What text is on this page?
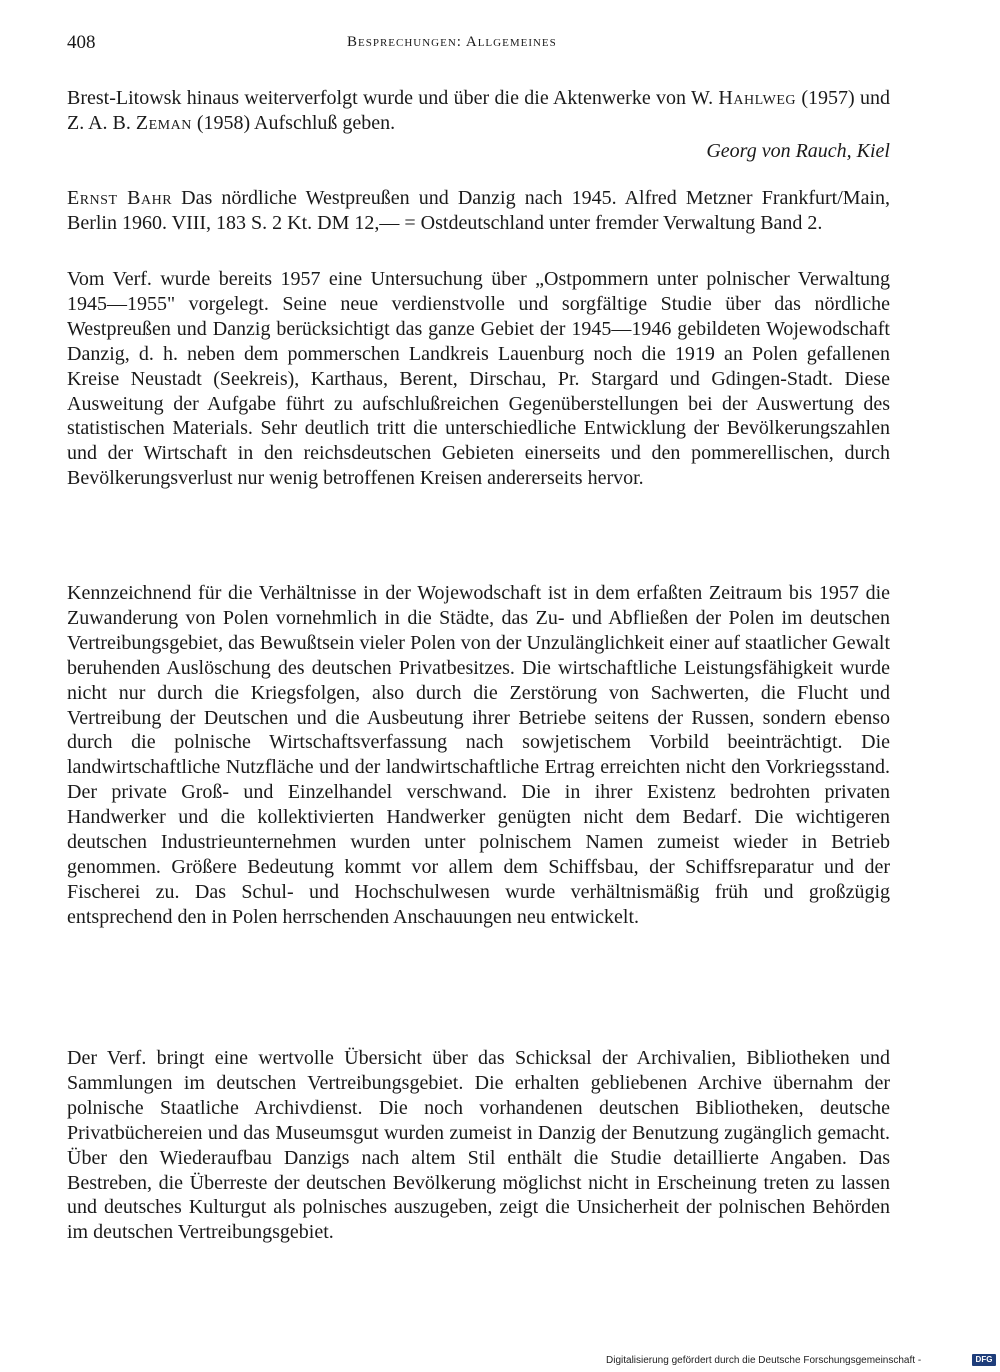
408	Besprechungen: Allgemeines

Brest-Litowsk hinaus weiterverfolgt wurde und über die die Aktenwerke von W. Hahlweg (1957) und Z. A. B. Zeman (1958) Aufschluß geben.

Georg von Rauch, Kiel

Ernst Bahr Das nördliche Westpreußen und Danzig nach 1945. Alfred Metzner Frankfurt/Main, Berlin 1960. VIII, 183 S. 2 Kt. DM 12,— = Ostdeutschland unter fremder Verwaltung Band 2.

Vom Verf. wurde bereits 1957 eine Untersuchung über „Ostpommern unter polnischer Verwaltung 1945—1955" vorgelegt. Seine neue verdienstvolle und sorgfältige Studie über das nördliche Westpreußen und Danzig berücksichtigt das ganze Gebiet der 1945—1946 gebildeten Wojewodschaft Danzig, d. h. neben dem pommerschen Landkreis Lauenburg noch die 1919 an Polen gefallenen Kreise Neustadt (Seekreis), Karthaus, Berent, Dirschau, Pr. Stargard und Gdingen-Stadt. Diese Ausweitung der Aufgabe führt zu aufschlußreichen Gegenüberstellungen bei der Auswertung des statistischen Materials. Sehr deutlich tritt die unterschiedliche Entwicklung der Bevölkerungszahlen und der Wirtschaft in den reichsdeutschen Gebieten einerseits und den pommerellischen, durch Bevölkerungsverlust nur wenig betroffenen Kreisen andererseits hervor.

Kennzeichnend für die Verhältnisse in der Wojewodschaft ist in dem erfaßten Zeitraum bis 1957 die Zuwanderung von Polen vornehmlich in die Städte, das Zu- und Abfließen der Polen im deutschen Vertreibungsgebiet, das Bewußtsein vieler Polen von der Unzulänglichkeit einer auf staatlicher Gewalt beruhenden Auslöschung des deutschen Privatbesitzes. Die wirtschaftliche Leistungsfähigkeit wurde nicht nur durch die Kriegsfolgen, also durch die Zerstörung von Sachwerten, die Flucht und Vertreibung der Deutschen und die Ausbeutung ihrer Betriebe seitens der Russen, sondern ebenso durch die polnische Wirtschaftsverfassung nach sowjetischem Vorbild beeinträchtigt. Die landwirtschaftliche Nutzfläche und der landwirtschaftliche Ertrag erreichten nicht den Vorkriegsstand. Der private Groß- und Einzelhandel verschwand. Die in ihrer Existenz bedrohten privaten Handwerker und die kollektivierten Handwerker genügten nicht dem Bedarf. Die wichtigeren deutschen Industrieunternehmen wurden unter polnischem Namen zumeist wieder in Betrieb genommen. Größere Bedeutung kommt vor allem dem Schiffsbau, der Schiffsreparatur und der Fischerei zu. Das Schul- und Hochschulwesen wurde verhältnismäßig früh und großzügig entsprechend den in Polen herrschenden Anschauungen neu entwickelt.

Der Verf. bringt eine wertvolle Übersicht über das Schicksal der Archivalien, Bibliotheken und Sammlungen im deutschen Vertreibungsgebiet. Die erhalten gebliebenen Archive übernahm der polnische Staatliche Archivdienst. Die noch vorhandenen deutschen Bibliotheken, deutsche Privatbüchereien und das Museumsgut wurden zumeist in Danzig der Benutzung zugänglich gemacht. Über den Wiederaufbau Danzigs nach altem Stil enthält die Studie detaillierte Angaben. Das Bestreben, die Überreste der deutschen Bevölkerung möglichst nicht in Erscheinung treten zu lassen und deutsches Kulturgut als polnisches auszugeben, zeigt die Unsicherheit der polnischen Behörden im deutschen Vertreibungsgebiet.

Digitalisierung gefördert durch die Deutsche Forschungsgemeinschaft -	DFG
